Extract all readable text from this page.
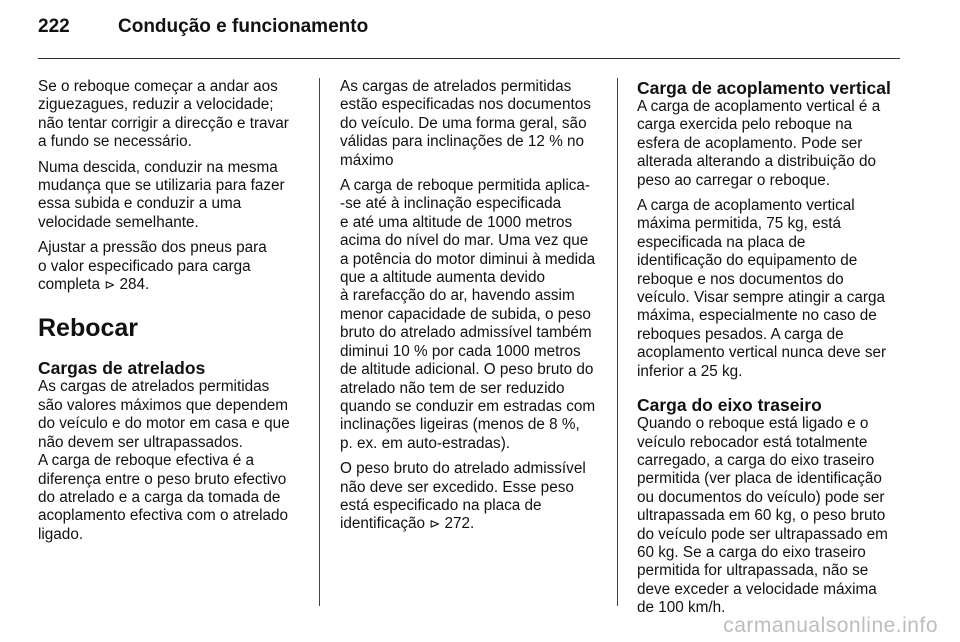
222	Condução e funcionamento

Se o reboque começar a andar aos
ziguezagues, reduzir a velocidade;
não tentar corrigir a direcção e travar
a fundo se necessário.

Numa descida, conduzir na mesma
mudança que se utilizaria para fazer
essa subida e conduzir a uma
velocidade semelhante.

Ajustar a pressão dos pneus para
o valor especificado para carga
completa ⊳ 284.

Rebocar
Cargas de atrelados

As cargas de atrelados permitidas
são valores máximos que dependem
do veículo e do motor em casa e que
não devem ser ultrapassados.
A carga de reboque efectiva é a
diferença entre o peso bruto efectivo
do atrelado e a carga da tomada de
acoplamento efectiva com o atrelado
ligado.

As cargas de atrelados permitidas
estão especificadas nos documentos
do veículo. De uma forma geral, são
válidas para inclinações de 12 % no
máximo

A carga de reboque permitida aplica-
-se até à inclinação especificada
e até uma altitude de 1000 metros
acima do nível do mar. Uma vez que
a potência do motor diminui à medida
que a altitude aumenta devido
à rarefacção do ar, havendo assim
menor capacidade de subida, o peso
bruto do atrelado admissível também
diminui 10 % por cada 1000 metros
de altitude adicional. O peso bruto do
atrelado não tem de ser reduzido
quando se conduzir em estradas com
inclinações ligeiras (menos de 8 %,
p. ex. em auto-estradas).

O peso bruto do atrelado admissível
não deve ser excedido. Esse peso
está especificado na placa de
identificação ⊳ 272.

Carga de acoplamento vertical

A carga de acoplamento vertical é a
carga exercida pelo reboque na
esfera de acoplamento. Pode ser
alterada alterando a distribuição do
peso ao carregar o reboque.

A carga de acoplamento vertical
máxima permitida, 75 kg, está
especificada na placa de
identificação do equipamento de
reboque e nos documentos do
veículo. Visar sempre atingir a carga
máxima, especialmente no caso de
reboques pesados. A carga de
acoplamento vertical nunca deve ser
inferior a 25 kg.

Carga do eixo traseiro

Quando o reboque está ligado e o
veículo rebocador está totalmente
carregado, a carga do eixo traseiro
permitida (ver placa de identificação
ou documentos do veículo) pode ser
ultrapassada em 60 kg, o peso bruto
do veículo pode ser ultrapassado em
60 kg. Se a carga do eixo traseiro
permitida for ultrapassada, não se
deve exceder a velocidade máxima
de 100 km/h.

carmanualsonline.info
